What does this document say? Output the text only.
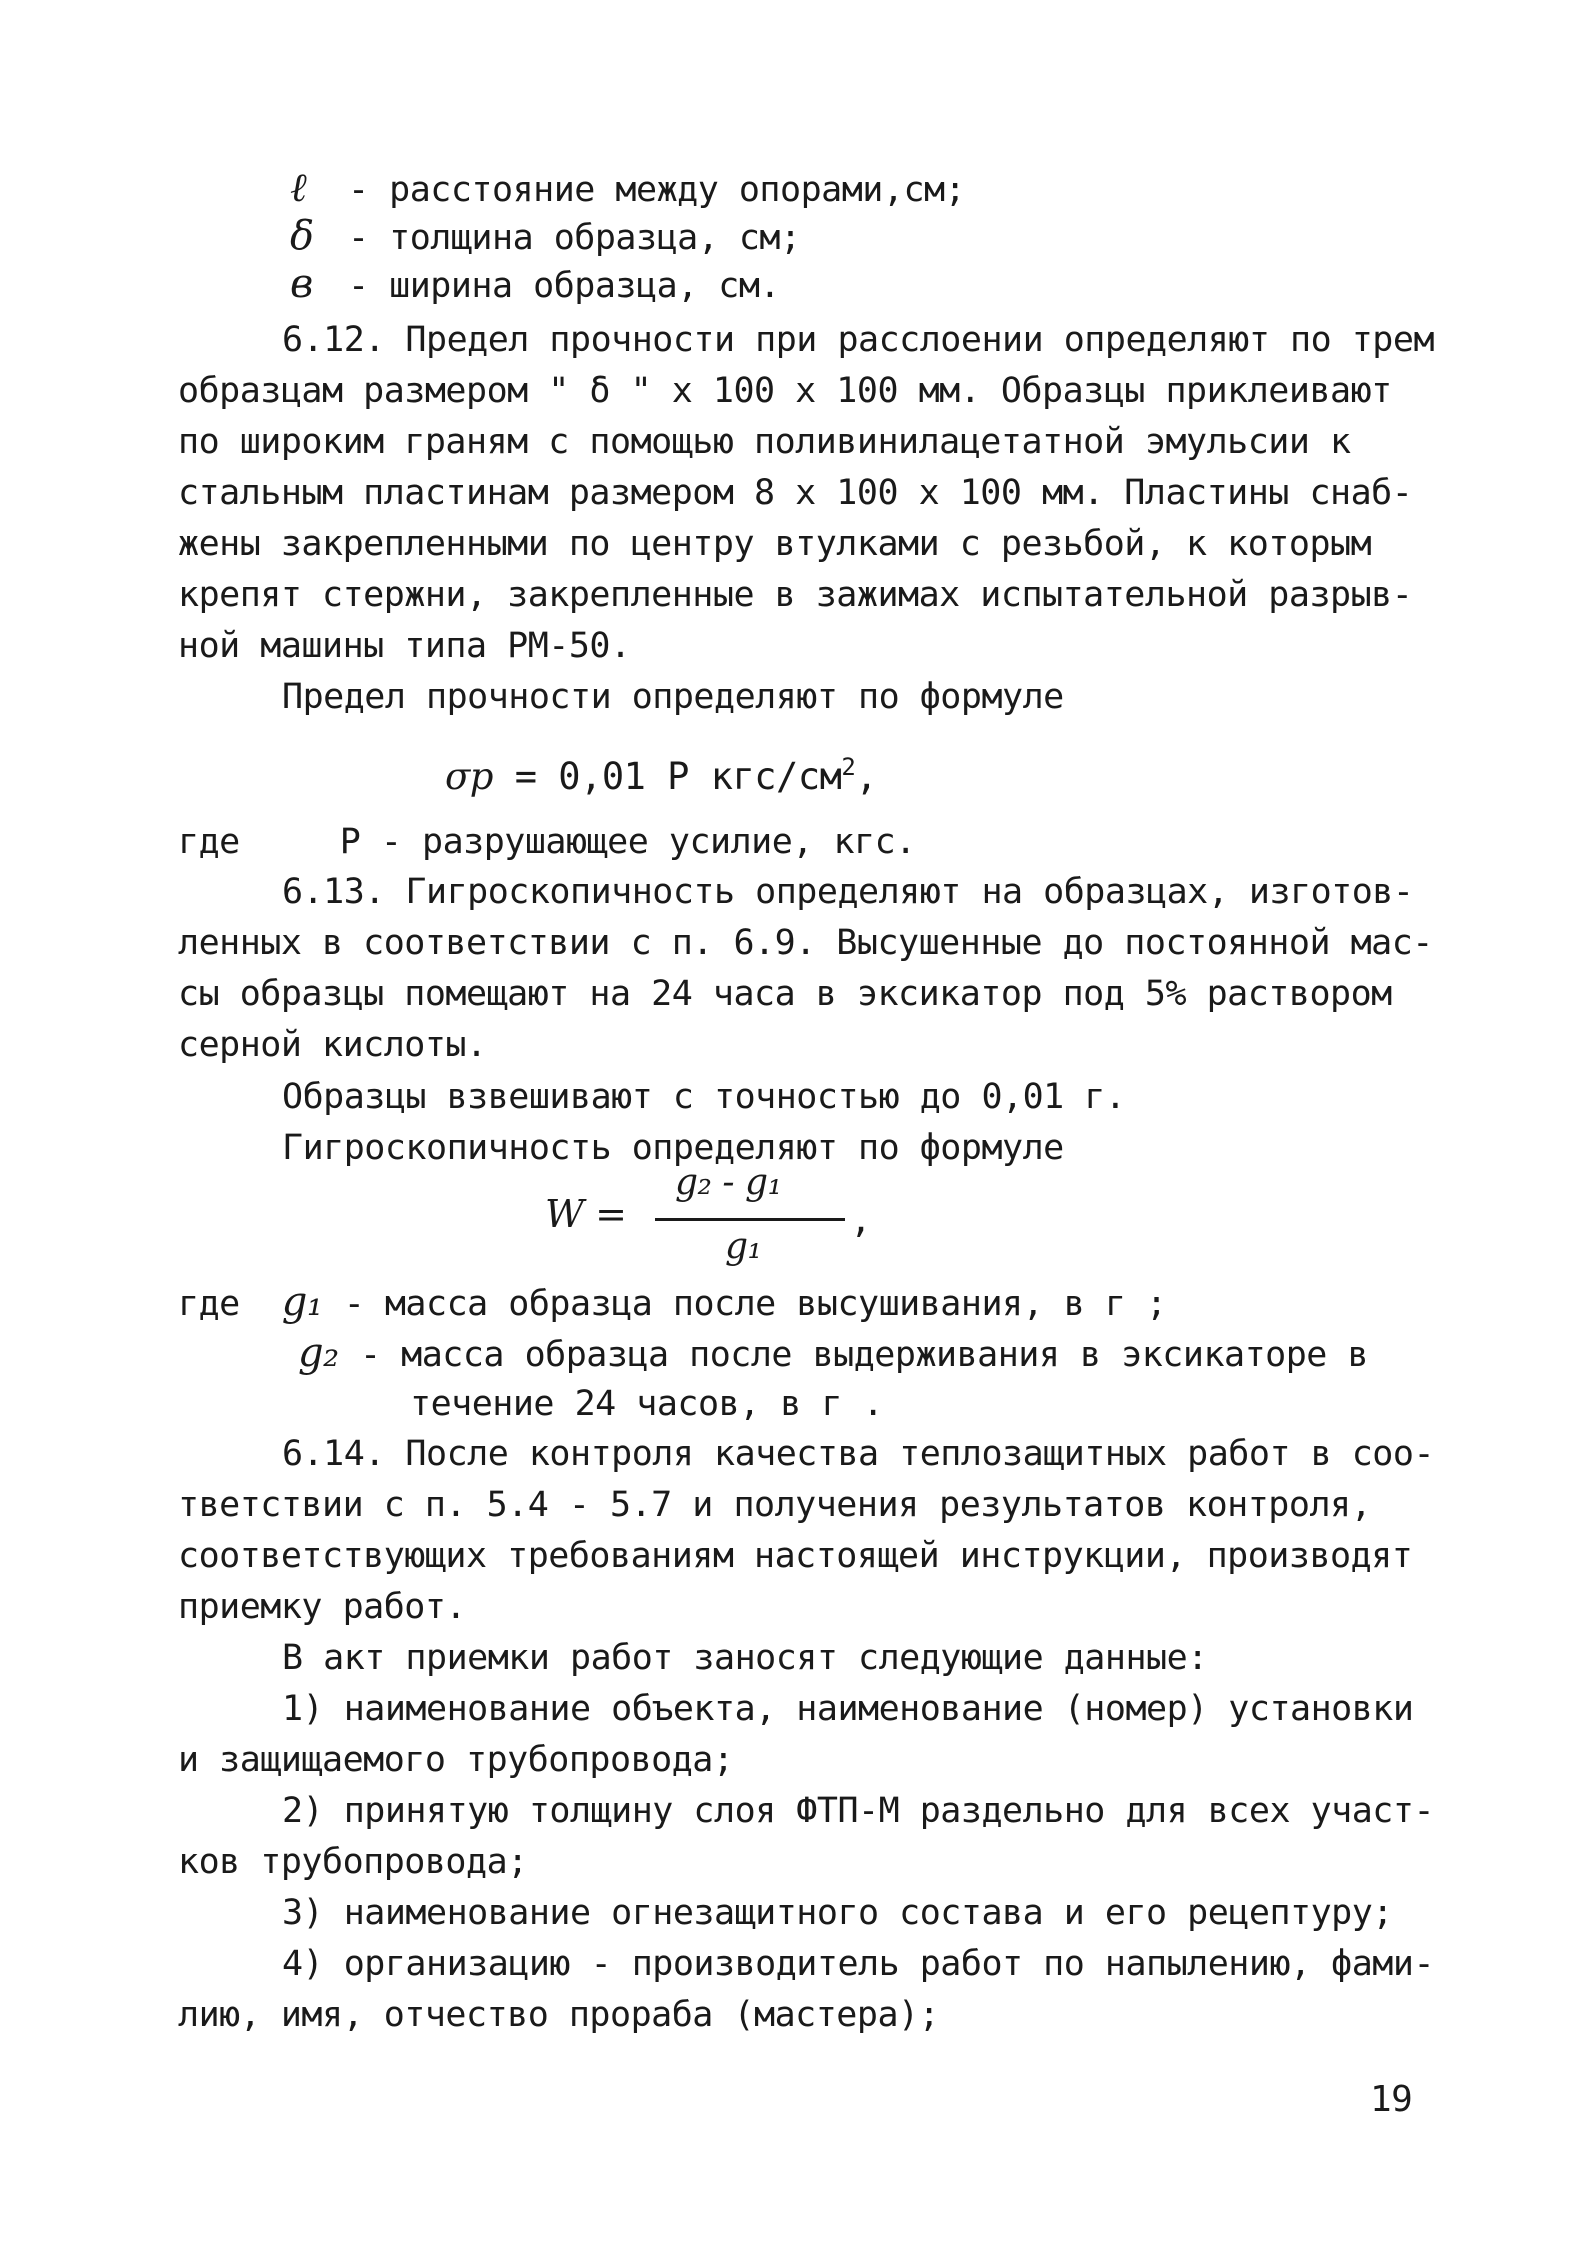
ℓ - расстояние между опорами,см;
δ - толщина образца, см;
в - ширина образца, см.
6.12. Предел прочности при расслоении определяют по трем
образцам размером " δ " х 100 х 100 мм. Образцы приклеивают
по широким граням с помощью поливинилацетатной эмульсии к
стальным пластинам размером 8 х 100 х 100 мм. Пластины снаб-
жены закрепленными по центру втулками с резьбой, к которым
крепят стержни, закрепленные в зажимах испытательной разрыв-
ной машины типа РМ-50.
Предел прочности определяют по формуле
σр = 0,01 Р кгс/$см^2$,
где	Р - разрушающее усилие, кгс.
6.13. Гигроскопичность определяют на образцах, изготов-
ленных в соответствии с п. 6.9. Высушенные до постоянной мас-
сы образцы помещают на 24 часа в эксикатор под 5% раствором
серной кислоты.
Образцы взвешивают с точностью до 0,01 г.
Гигроскопичность определяют по формуле
W =
g₂ - g₁
g₁
,
где g₁ - масса образца после высушивания, в г ;
g₂ - масса образца после выдерживания в эксикаторе в
течение 24 часов, в г .
6.14. После контроля качества теплозащитных работ в соо-
тветствии с п. 5.4 - 5.7 и получения результатов контроля,
соответствующих требованиям настоящей инструкции, производят
приемку работ.
В акт приемки работ заносят следующие данные:
1) наименование объекта, наименование (номер) установки
и защищаемого трубопровода;
2) принятую толщину слоя ФТП-М раздельно для всех участ-
ков трубопровода;
3) наименование огнезащитного состава и его рецептуру;
4) организацию - производитель работ по напылению, фами-
лию, имя, отчество прораба (мастера);
19
